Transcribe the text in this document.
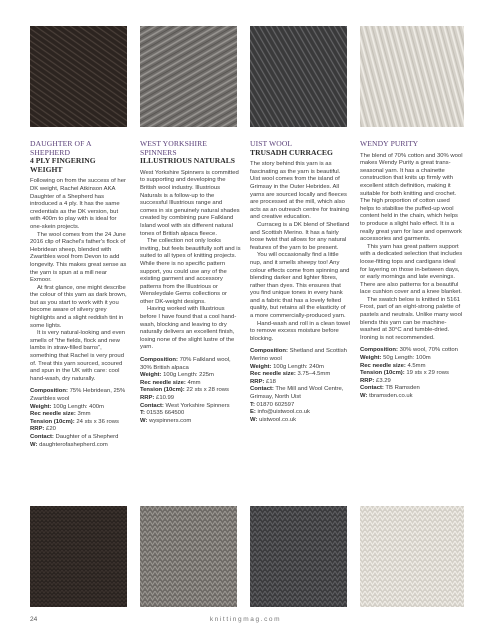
DAUGHTER OF A SHEPHERD
4 PLY FINGERING WEIGHT

Following on from the success of her DK weight, Rachel Atkinson AKA Daughter of a Shepherd has introduced a 4 ply. It has the same credentials as the DK version, but with 400m to play with is ideal for one-skein projects.

The wool comes from the 24 June 2016 clip of Rachel's father's flock of Hebridean sheep, blended with Zwartbles wool from Devon to add longevity. This makes great sense as the yarn is spun at a mill near Exmoor.

At first glance, one might describe the colour of this yarn as dark brown, but as you start to work with it you become aware of silvery grey highlights and a slight reddish tint in some lights.

It is very natural-looking and even smells of "the fields, flock and new lambs in straw-filled barns", something that Rachel is very proud of. Treat this yarn sourced, scoured and spun in the UK with care: cool hand-wash, dry naturally.

Composition: 75% Hebridean, 25% Zwartbles wool
Weight: 100g Length: 400m
Rec needle size: 3mm
Tension (10cm): 24 sts x 36 rows
RRP: £20
Contact: Daughter of a Shepherd
W: daughterofashepherd.com
WEST YORKSHIRE SPINNERS
ILLUSTRIOUS NATURALS

West Yorkshire Spinners is committed to supporting and developing the British wool industry. Illustrious Naturals is a follow-up to the successful Illustrious range and comes in six genuinely natural shades created by combining pure Falkland Island wool with six different natural tones of British alpaca fleece.

The collection not only looks inviting, but feels beautifully soft and is suited to all types of knitting projects. While there is no specific pattern support, you could use any of the existing garment and accessory patterns from the Illustrious or Wensleydale Gems collections or other DK-weight designs.

Having worked with Illustrious before I have found that a cool hand-wash, blocking and leaving to dry naturally delivers an excellent finish, losing none of the slight lustre of the yarn.

Composition: 70% Falkland wool, 30% British alpaca
Weight: 100g Length: 225m
Rec needle size: 4mm
Tension (10cm): 22 sts x 28 rows
RRP: £10.99
Contact: West Yorkshire Spinners
T: 01535 664500
W: wyspinners.com
UIST WOOL
TRUSADH CURRACEG

The story behind this yarn is as fascinating as the yarn is beautiful. Uist wool comes from the island of Grimsay in the Outer Hebrides. All yarns are sourced locally and fleeces are processed at the mill, which also acts as an outreach centre for training and creative education.

Curraceg is a DK blend of Shetland and Scottish Merino. It has a fairly loose twist that allows for any natural features of the yarn to be present.

You will occasionally find a little nup, and it smells sheepy too! Any colour effects come from spinning and blending darker and lighter fibres, rather than dyes. This ensures that you find unique tones in every hank and a fabric that has a lovely felted quality, but retains all the elasticity of a more commercially-produced yarn.

Hand-wash and roll in a clean towel to remove excess moisture before blocking.

Composition: Shetland and Scottish Merino wool
Weight: 100g Length: 240m
Rec needle size: 3.75–4.5mm
RRP: £18
Contact: The Mill and Wool Centre, Grimsay, North Uist
T: 01870 602597
E: info@uistwool.co.uk
W: uistwool.co.uk
WENDY PURITY

The blend of 70% cotton and 30% wool makes Wendy Purity a great trans-seasonal yarn. It has a chainette construction that knits up firmly with excellent stitch definition, making it suitable for both knitting and crochet. The high proportion of cotton used helps to stabilise the puffed-up wool content held in the chain, which helps to produce a slight halo effect. It is a really great yarn for lace and openwork accessories and garments.

This yarn has great pattern support with a dedicated selection that includes loose-fitting tops and cardigans ideal for layering on those in-between days, or early mornings and late evenings. There are also patterns for a beautiful lace cushion cover and a knee blanket.

The swatch below is knitted in 5161 Frost, part of an eight-strong palette of pastels and neutrals. Unlike many wool blends this yarn can be machine-washed at 30°C and tumble-dried. Ironing is not recommended.

Composition: 30% wool, 70% cotton
Weight: 50g Length: 100m
Rec needle size: 4.5mm
Tension (10cm): 19 sts x 29 rows
RRP: £3.29
Contact: TB Ramsden
W: tbramsden.co.uk
24	knittingmag.com
